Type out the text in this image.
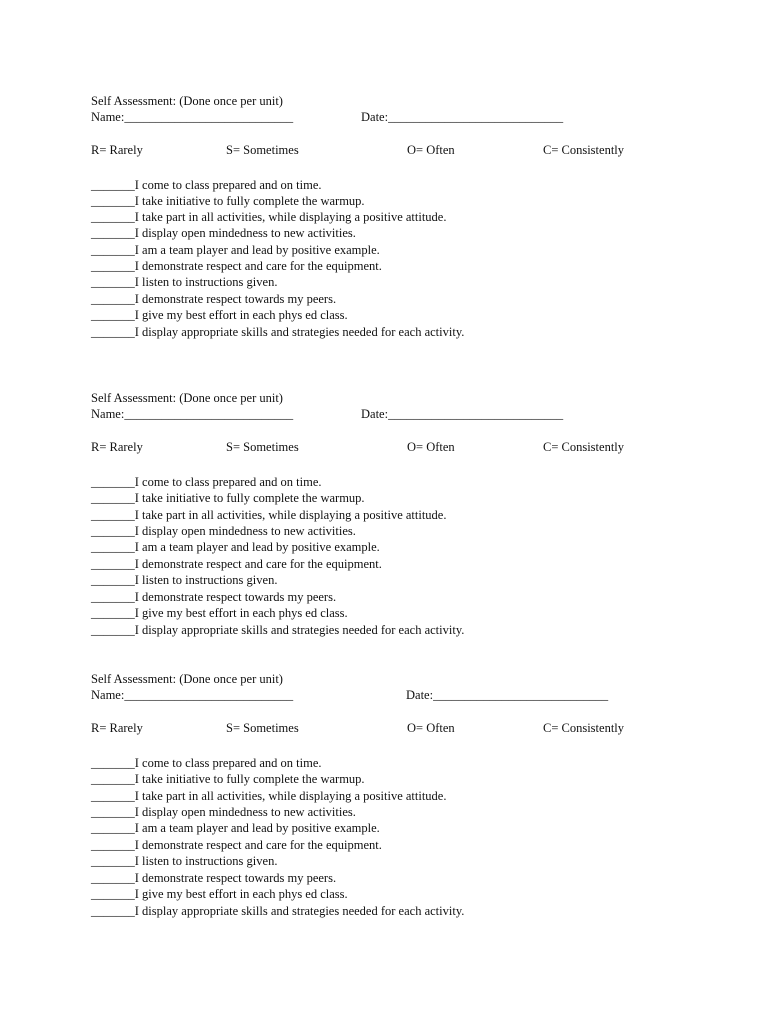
Self Assessment: (Done once per unit)
Name:___________________________	Date:____________________________
R= Rarely	S= Sometimes	O= Often	C= Consistently
_______I come to class prepared and on time.
_______I take initiative to fully complete the warmup.
_______I take part in all activities, while displaying a positive attitude.
_______I display open mindedness to new activities.
_______I am a team player and lead by positive example.
_______I demonstrate respect and care for the equipment.
_______I listen to instructions given.
_______I demonstrate respect towards my peers.
_______I give my best effort in each phys ed class.
_______I display appropriate skills and strategies needed for each activity.
Self Assessment: (Done once per unit)
Name:___________________________	Date:____________________________
R= Rarely	S= Sometimes	O= Often	C= Consistently
_______I come to class prepared and on time.
_______I take initiative to fully complete the warmup.
_______I take part in all activities, while displaying a positive attitude.
_______I display open mindedness to new activities.
_______I am a team player and lead by positive example.
_______I demonstrate respect and care for the equipment.
_______I listen to instructions given.
_______I demonstrate respect towards my peers.
_______I give my best effort in each phys ed class.
_______I display appropriate skills and strategies needed for each activity.
Self Assessment: (Done once per unit)
Name:___________________________	Date:____________________________
R= Rarely	S= Sometimes	O= Often	C= Consistently
_______I come to class prepared and on time.
_______I take initiative to fully complete the warmup.
_______I take part in all activities, while displaying a positive attitude.
_______I display open mindedness to new activities.
_______I am a team player and lead by positive example.
_______I demonstrate respect and care for the equipment.
_______I listen to instructions given.
_______I demonstrate respect towards my peers.
_______I give my best effort in each phys ed class.
_______I display appropriate skills and strategies needed for each activity.
